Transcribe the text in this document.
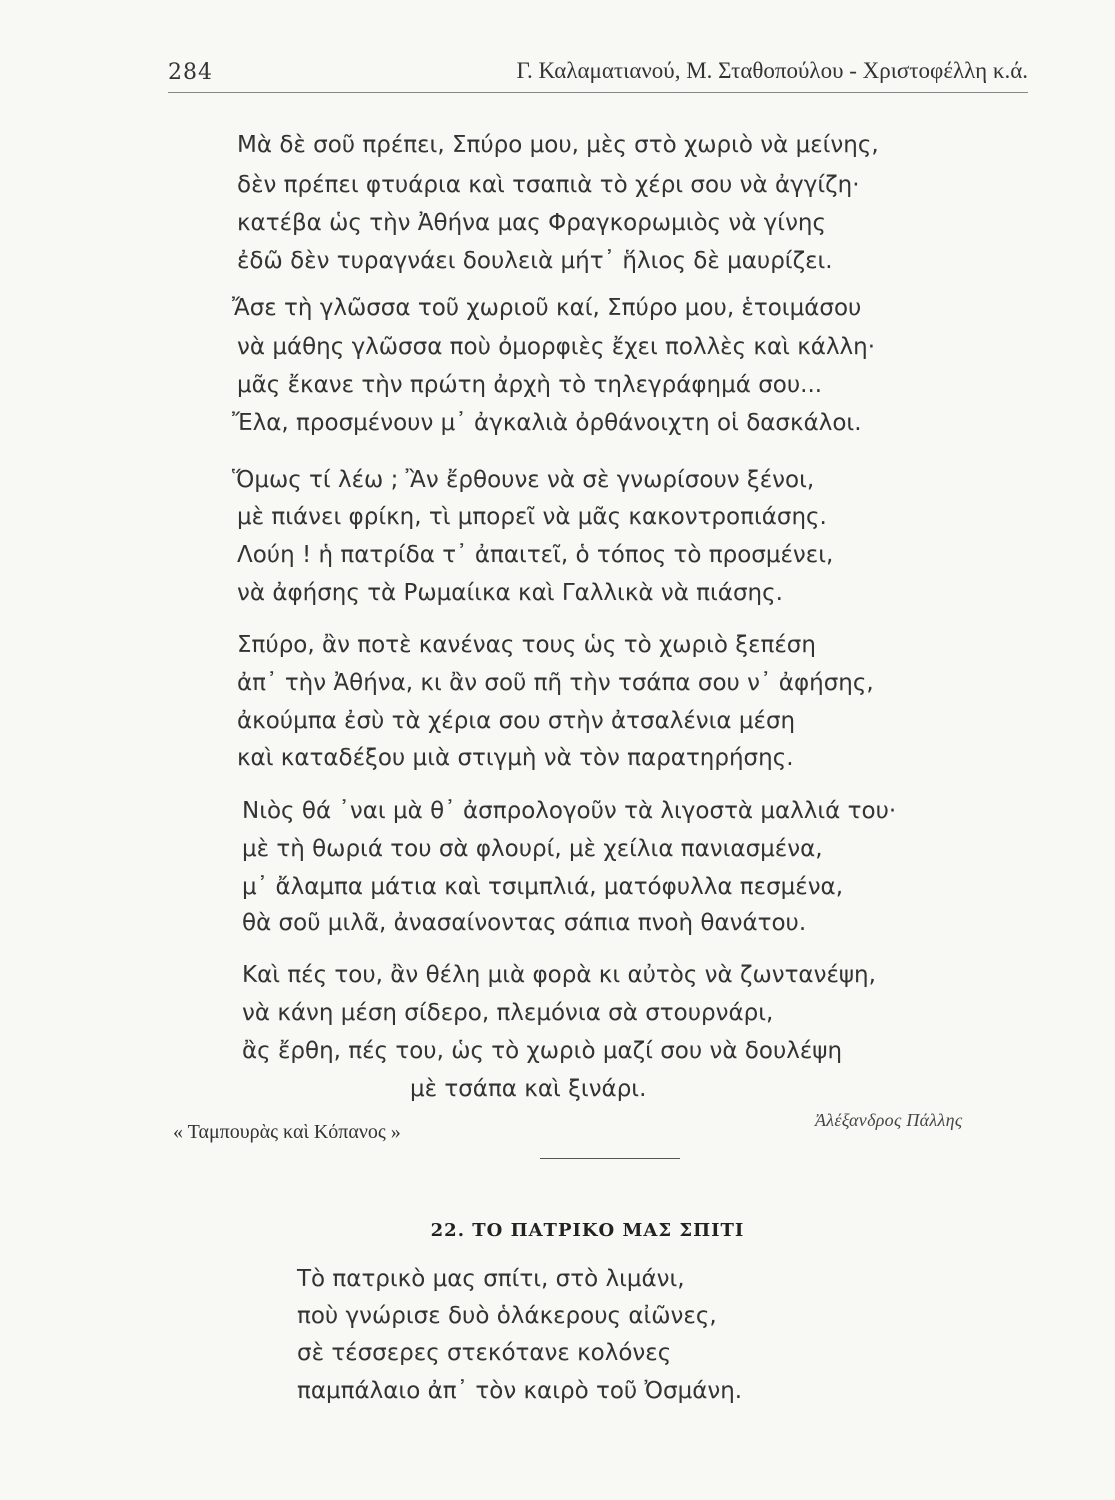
284	Γ. Καλαματιανού, Μ. Σταθοπούλου - Χριστοφέλλη κ.ά.
Μὰ δὲ σοῦ πρέπει, Σπύρο μου, μὲς στὸ χωριὸ νὰ μείνης,
δὲν πρέπει φτυάρια καὶ τσαπιὰ τὸ χέρι σου νὰ ἀγγίζη·
κατέβα ὡς τὴν Ἀθήνα μας Φραγκορωμιὸς νὰ γίνης
ἐδῶ δὲν τυραγνάει δουλειὰ μήτ᾽ ἥλιος δὲ μαυρίζει.
Ἄσε τὴ γλῶσσα τοῦ χωριοῦ καί, Σπύρο μου, ἑτοιμάσου
νὰ μάθης γλῶσσα ποὺ ὀμορφιὲς ἔχει πολλὲς καὶ κάλλη·
μᾶς ἔκανε τὴν πρώτη ἀρχὴ τὸ τηλεγράφημά σου...
Ἔλα, προσμένουν μ᾽ ἀγκαλιὰ ὀρθάνοιχτη οἱ δασκάλοι.
Ὅμως τί λέω ; Ἂν ἔρθουνε νὰ σὲ γνωρίσουν ξένοι,
μὲ πιάνει φρίκη, τὶ μπορεῖ νὰ μᾶς κακοντροπιάσης.
Λούη ! ἡ πατρίδα τ᾽ ἀπαιτεῖ, ὁ τόπος τὸ προσμένει,
νὰ ἀφήσης τὰ Ρωμαίικα καὶ Γαλλικὰ νὰ πιάσης.
Σπύρο, ἂν ποτὲ κανένας τους ὡς τὸ χωριὸ ξεπέση
ἀπ᾽ τὴν Ἀθήνα, κι ἂν σοῦ πῆ τὴν τσάπα σου ν᾽ ἀφήσης,
ἀκούμπα ἐσὺ τὰ χέρια σου στὴν ἀτσαλένια μέση
καὶ καταδέξου μιὰ στιγμὴ νὰ τὸν παρατηρήσης.
Νιὸς θά ᾽ναι μὰ θ᾽ ἀσπρολογοῦν τὰ λιγοστὰ μαλλιά του·
μὲ τὴ θωριά του σὰ φλουρί, μὲ χείλια πανιασμένα,
μ᾽ ἄλαμπα μάτια καὶ τσιμπλιά, ματόφυλλα πεσμένα,
θὰ σοῦ μιλᾶ, ἀνασαίνοντας σάπια πνοὴ θανάτου.
Καὶ πές του, ἂν θέλη μιὰ φορὰ κι αὐτὸς νὰ ζωντανέψη,
νὰ κάνη μέση σίδερο, πλεμόνια σὰ στουρνάρι,
ἂς ἔρθη, πές του, ὡς τὸ χωριὸ μαζί σου νὰ δουλέψη
μὲ τσάπα καὶ ξινάρι.
« Ταμπουρὰς καὶ Κόπανος »
Ἀλέξανδρος Πάλλης
22. ΤΟ ΠΑΤΡΙΚΟ ΜΑΣ ΣΠΙΤΙ
Τὸ πατρικὸ μας σπίτι, στὸ λιμάνι,
ποὺ γνώρισε δυὸ ὁλάκερους αἰῶνες,
σὲ τέσσερες στεκότανε κολόνες
παμπάλαιο ἀπ᾽ τὸν καιρὸ τοῦ Ὀσμάνη.
